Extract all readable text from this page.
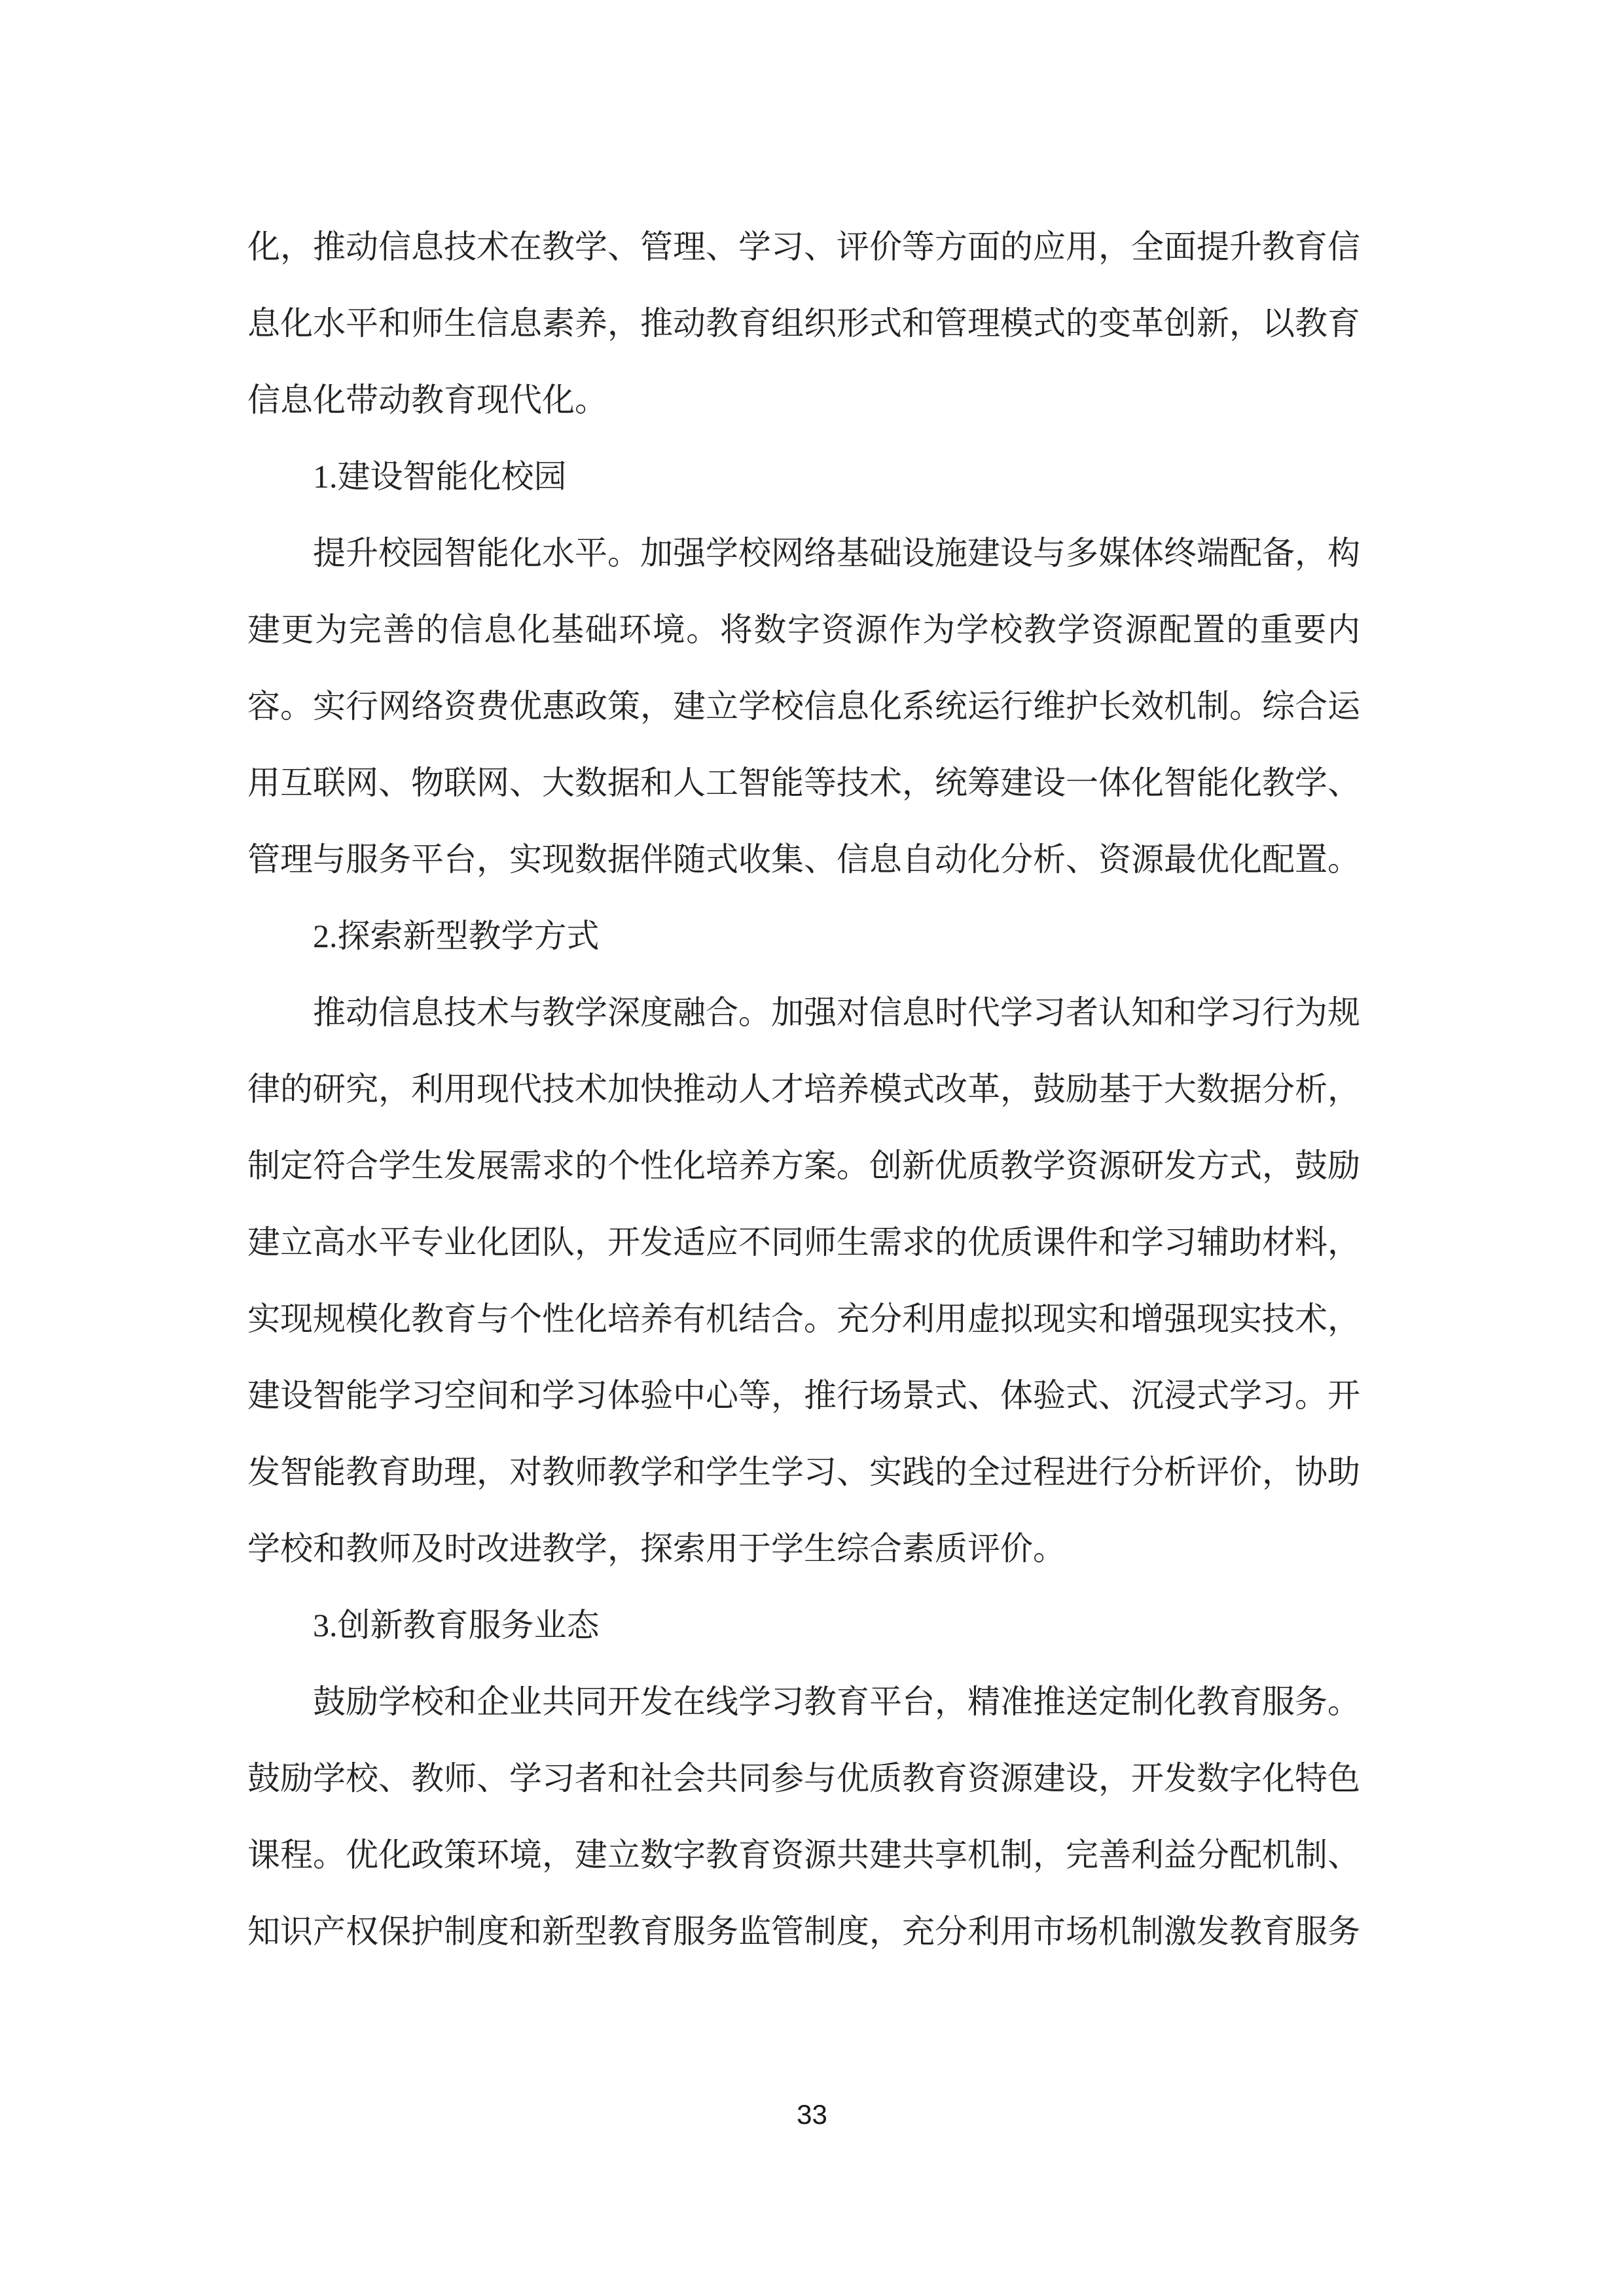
化，推动信息技术在教学、管理、学习、评价等方面的应用，全面提升教育信息化水平和师生信息素养，推动教育组织形式和管理模式的变革创新，以教育信息化带动教育现代化。

1.建设智能化校园

提升校园智能化水平。加强学校网络基础设施建设与多媒体终端配备，构建更为完善的信息化基础环境。将数字资源作为学校教学资源配置的重要内容。实行网络资费优惠政策，建立学校信息化系统运行维护长效机制。综合运用互联网、物联网、大数据和人工智能等技术，统筹建设一体化智能化教学、管理与服务平台，实现数据伴随式收集、信息自动化分析、资源最优化配置。

2.探索新型教学方式

推动信息技术与教学深度融合。加强对信息时代学习者认知和学习行为规律的研究，利用现代技术加快推动人才培养模式改革，鼓励基于大数据分析，制定符合学生发展需求的个性化培养方案。创新优质教学资源研发方式，鼓励建立高水平专业化团队，开发适应不同师生需求的优质课件和学习辅助材料，实现规模化教育与个性化培养有机结合。充分利用虚拟现实和增强现实技术，建设智能学习空间和学习体验中心等，推行场景式、体验式、沉浸式学习。开发智能教育助理，对教师教学和学生学习、实践的全过程进行分析评价，协助学校和教师及时改进教学，探索用于学生综合素质评价。

3.创新教育服务业态

鼓励学校和企业共同开发在线学习教育平台，精准推送定制化教育服务。鼓励学校、教师、学习者和社会共同参与优质教育资源建设，开发数字化特色课程。优化政策环境，建立数字教育资源共建共享机制，完善利益分配机制、知识产权保护制度和新型教育服务监管制度，充分利用市场机制激发教育服务

33
